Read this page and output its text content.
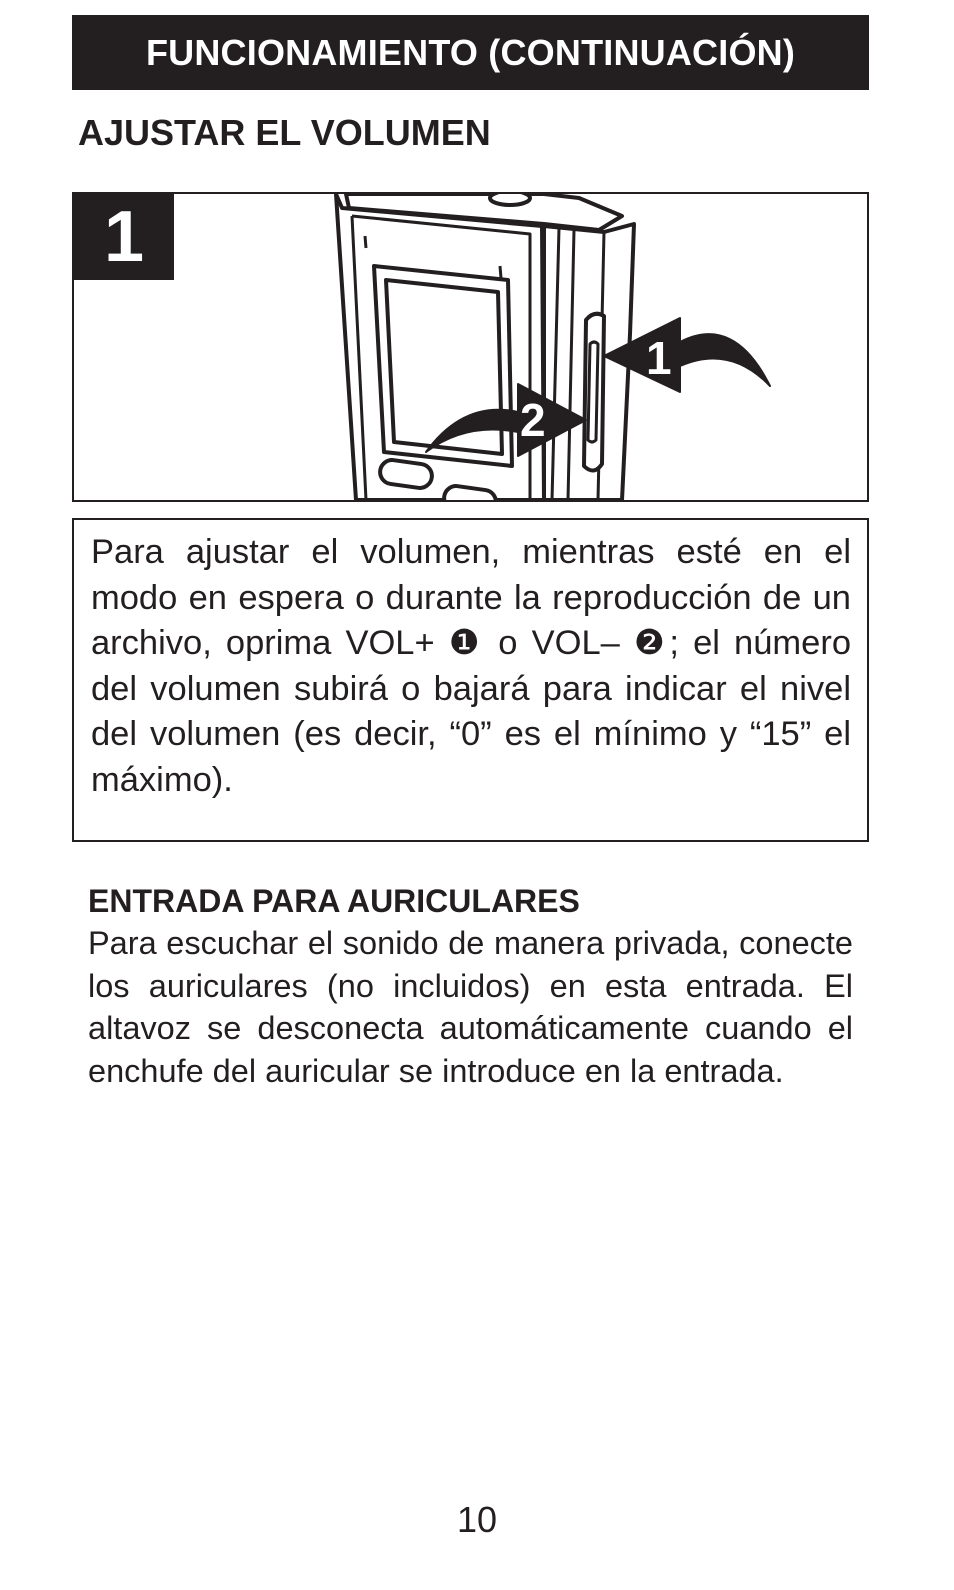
FUNCIONAMIENTO (CONTINUACIÓN)
AJUSTAR EL VOLUMEN
1
2
1

Para ajustar el volumen, mientras esté en el modo en espera o durante la reproducción de un archivo, oprima VOL+ ❶ o VOL– ❷; el número del volumen subirá o bajará para indicar el nivel del volumen (es decir, “0” es el mínimo y “15” el máximo).

ENTRADA PARA AURICULARES

Para escuchar el sonido de manera privada, conecte los auriculares (no incluidos) en esta entrada. El altavoz se desconecta automáticamente cuando el enchufe del auricular se introduce en la entrada.

10
